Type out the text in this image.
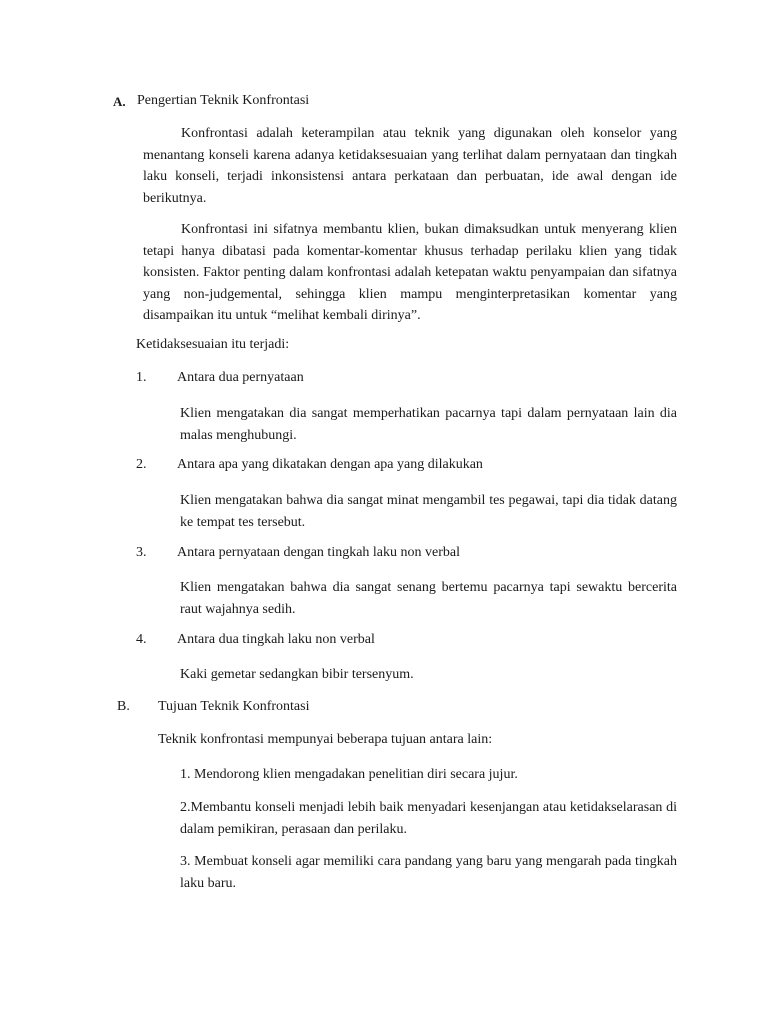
A. Pengertian Teknik Konfrontasi
Konfrontasi adalah keterampilan atau teknik yang digunakan oleh konselor yang menantang konseli karena adanya ketidaksesuaian yang terlihat dalam pernyataan dan tingkah laku konseli, terjadi inkonsistensi antara perkataan dan perbuatan, ide awal dengan ide berikutnya.
Konfrontasi ini sifatnya membantu klien, bukan dimaksudkan untuk menyerang klien tetapi hanya dibatasi pada komentar-komentar khusus terhadap perilaku klien yang tidak konsisten. Faktor penting dalam konfrontasi adalah ketepatan waktu penyampaian dan sifatnya yang non-judgemental, sehingga klien mampu menginterpretasikan komentar yang disampaikan itu untuk “melihat kembali dirinya”.
Ketidaksesuaian itu terjadi:
1. Antara dua pernyataan
Klien mengatakan dia sangat memperhatikan pacarnya tapi dalam pernyataan lain dia malas menghubungi.
2. Antara apa yang dikatakan dengan apa yang dilakukan
Klien mengatakan bahwa dia sangat minat mengambil tes pegawai, tapi dia tidak datang ke tempat tes tersebut.
3. Antara pernyataan dengan tingkah laku non verbal
Klien mengatakan bahwa dia sangat senang bertemu pacarnya tapi sewaktu bercerita raut wajahnya sedih.
4. Antara dua tingkah laku non verbal
Kaki gemetar sedangkan bibir tersenyum.
B. Tujuan Teknik Konfrontasi
Teknik konfrontasi mempunyai beberapa tujuan antara lain:
1. Mendorong klien mengadakan penelitian diri secara jujur.
2.Membantu konseli menjadi lebih baik menyadari kesenjangan atau ketidakselarasan di dalam pemikiran, perasaan dan perilaku.
3. Membuat konseli agar memiliki cara pandang yang baru yang mengarah pada tingkah laku baru.
